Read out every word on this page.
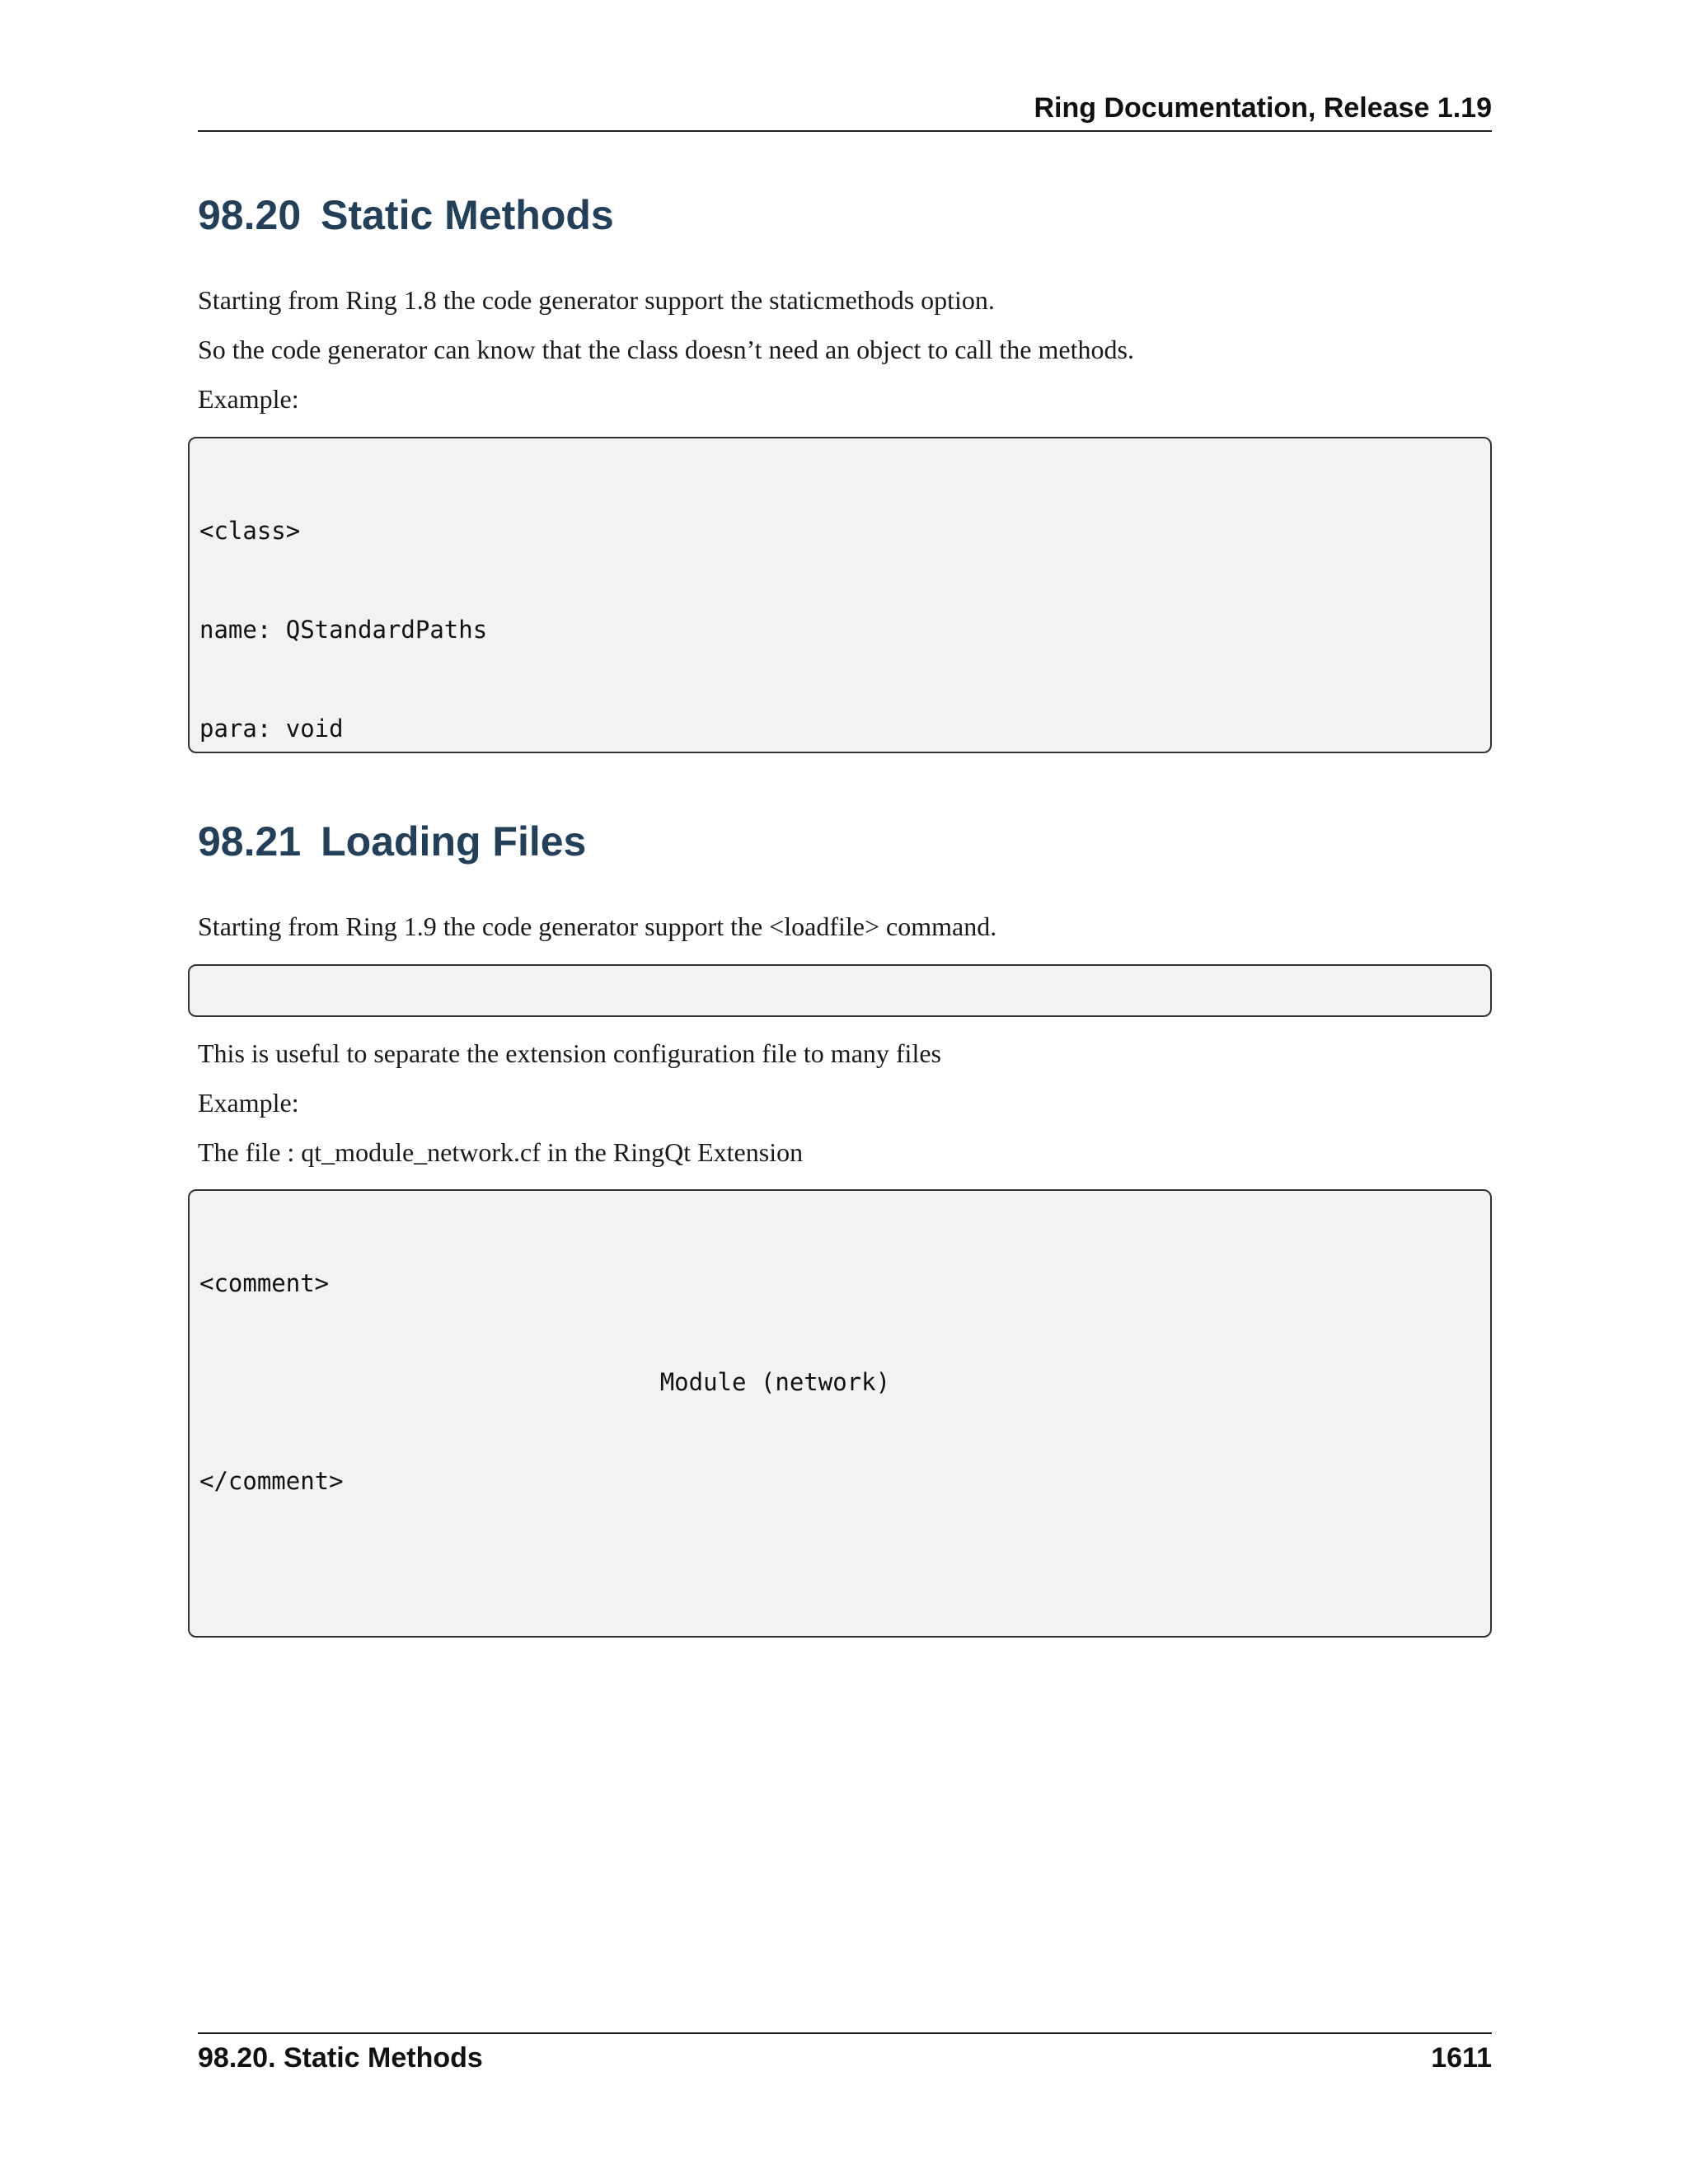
Ring Documentation, Release 1.19
98.20 Static Methods

Starting from Ring 1.8 the code generator support the staticmethods option.

So the code generator can know that the class doesn’t need an object to call the methods.

Example:

<class>

name: QStandardPaths

para: void

98.21 Loading Files

Starting from Ring 1.9 the code generator support the <loadfile> command.

This is useful to separate the extension configuration file to many files

Example:

The file : qt_module_network.cf in the RingQt Extension

<comment>

Module (network)

</comment>

98.20. Static Methods	1611
